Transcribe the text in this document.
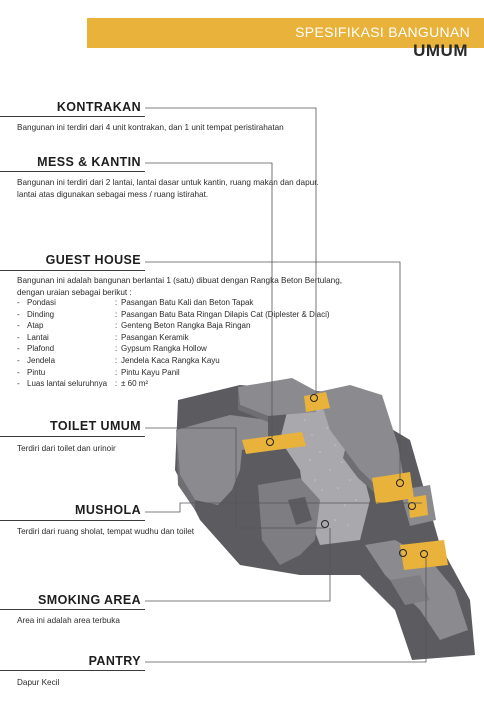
SPESIFIKASI BANGUNAN
UMUM
KONTRAKAN
Bangunan ini terdiri dari 4 unit kontrakan, dan 1 unit tempat peristirahatan
MESS & KANTIN
Bangunan ini terdiri dari 2 lantai, lantai dasar untuk kantin, ruang makan dan dapur.
lantai atas digunakan sebagai mess / ruang istirahat.
GUEST HOUSE
Bangunan ini adalah bangunan berlantai 1 (satu) dibuat dengan Rangka Beton Bertulang,
dengan uraian sebagai berikut :
- Pondasi	: Pasangan Batu Kali dan Beton Tapak
- Dinding	: Pasangan Batu Bata Ringan Dilapis Cat (Diplester & Diaci)
- Atap	: Genteng Beton Rangka Baja Ringan
- Lantai	: Pasangan Keramik
- Plafond	: Gypsum Rangka Hollow
- Jendela	: Jendela Kaca Rangka Kayu
- Pintu	: Pintu Kayu Panil
- Luas lantai seluruhnya : ± 60 m²
TOILET UMUM
Terdiri dari toilet dan urinoir
MUSHOLA
Terdiri dari ruang sholat, tempat wudhu dan toilet
SMOKING AREA
Area ini adalah area terbuka
PANTRY
Dapur Kecil
